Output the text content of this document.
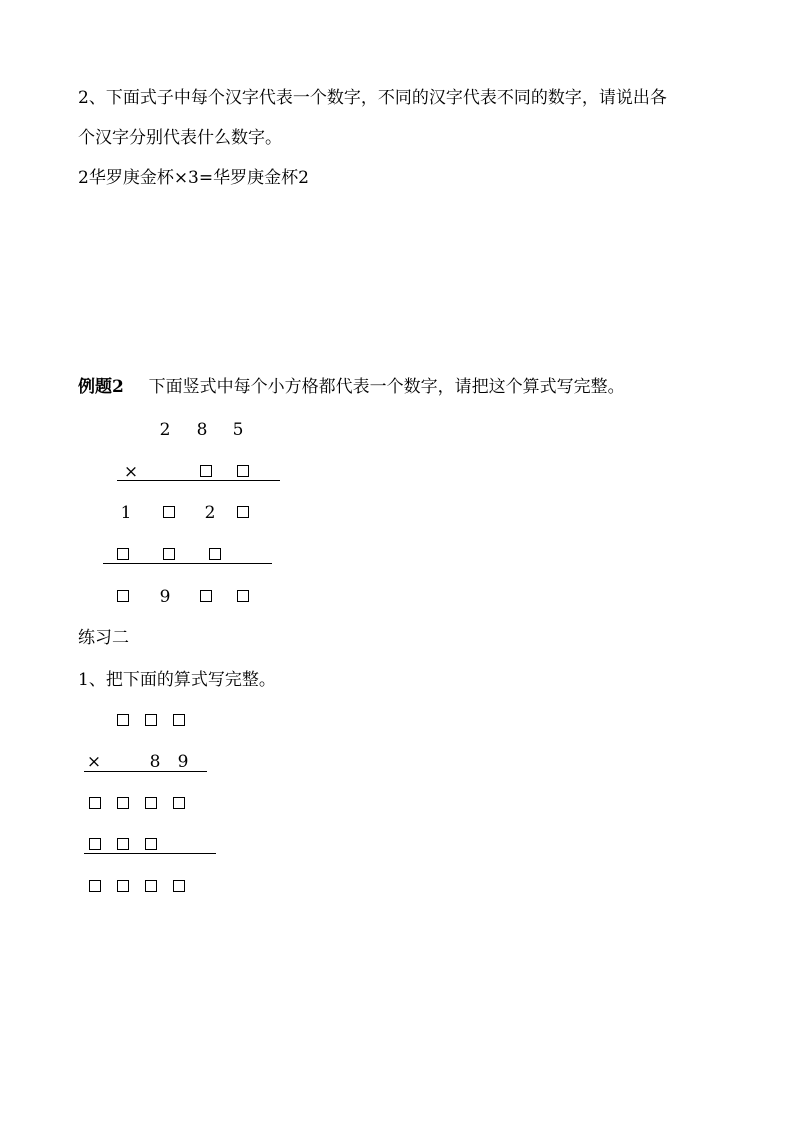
2、下面式子中每个汉字代表一个数字，不同的汉字代表不同的数字，请说出各
个汉字分别代表什么数字。
2华罗庚金杯×3=华罗庚金杯2
例题2 下面竖式中每个小方格都代表一个数字，请把这个算式写完整。
2 8 5
×
1	2
9
练习二
1、把下面的算式写完整。
×	8 9
